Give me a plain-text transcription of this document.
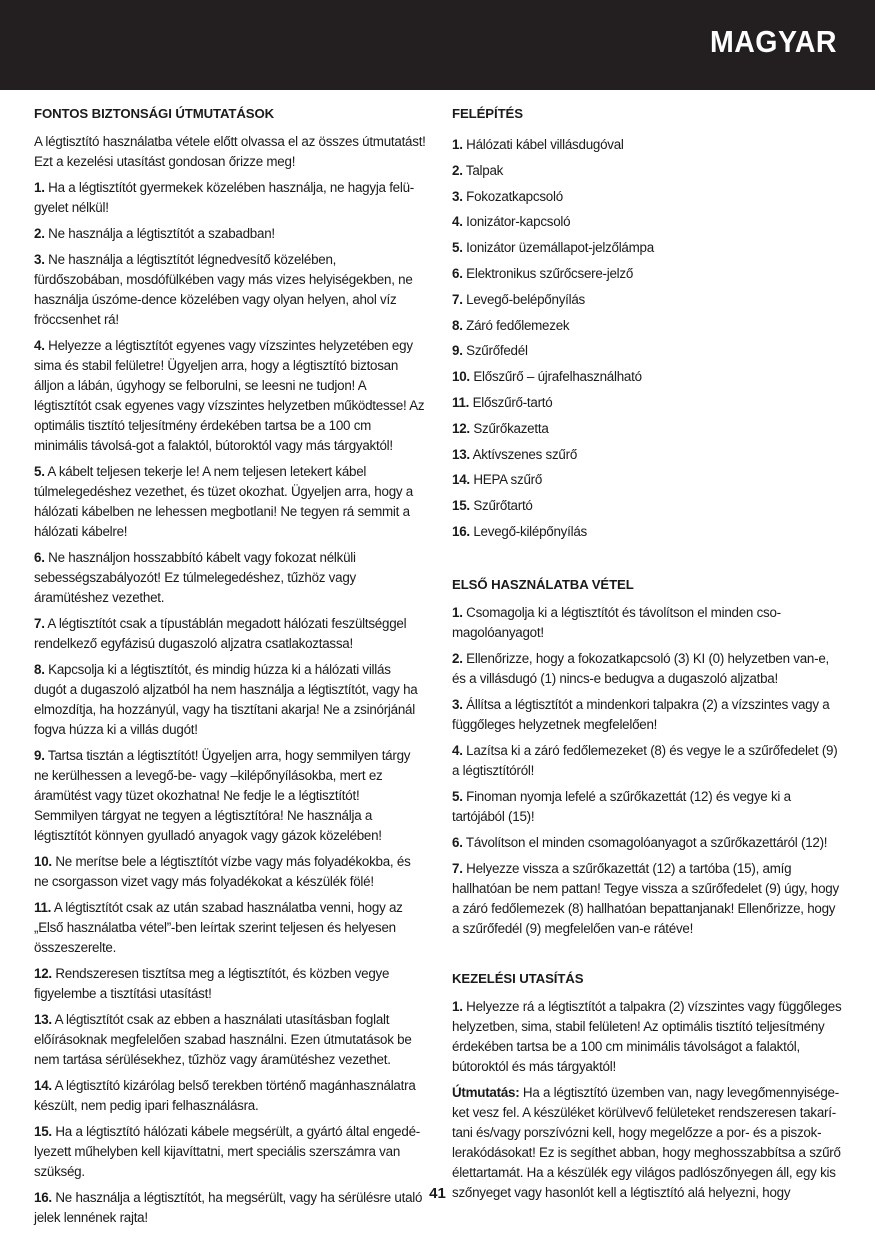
MAGYAR
FONTOS BIZTONSÁGI ÚTMUTATÁSOK
A légtisztító használatba vétele előtt olvassa el az összes útmutatást! Ezt a kezelési utasítást gondosan őrizze meg!
1. Ha a légtisztítót gyermekek közelében használja, ne hagyja felü-gyelet nélkül!
2. Ne használja a légtisztítót a szabadban!
3. Ne használja a légtisztítót légnedvesítő közelében, fürdőszobában, mosdófülkében vagy más vizes helyiségekben, ne használja úszóme-dence közelében vagy olyan helyen, ahol víz fröccsenhet rá!
4. Helyezze a légtisztítót egyenes vagy vízszintes helyzetében egy sima és stabil felületre! Ügyeljen arra, hogy a légtisztító biztosan álljon a lábán, úgyhogy se felborulni, se leesni ne tudjon! A légtisztítót csak egyenes vagy vízszintes helyzetben működtesse! Az optimális tisztító teljesítmény érdekében tartsa be a 100 cm minimális távolsá-got a falaktól, bútoroktól vagy más tárgyaktól!
5. A kábelt teljesen tekerje le! A nem teljesen letekert kábel túlmelegedéshez vezethet, és tüzet okozhat. Ügyeljen arra, hogy a hálózati kábelben ne lehessen megbotlani! Ne tegyen rá semmit a hálózati kábelre!
6. Ne használjon hosszabbító kábelt vagy fokozat nélküli sebességszabályozót! Ez túlmelegedéshez, tűzhöz vagy áramütéshez vezethet.
7. A légtisztítót csak a típustáblán megadott hálózati feszültséggel rendelkező egyfázisú dugaszoló aljzatra csatlakoztassa!
8. Kapcsolja ki a légtisztítót, és mindig húzza ki a hálózati villás dugót a dugaszoló aljzatból ha nem használja a légtisztítót, vagy ha elmozdítja, ha hozzányúl, vagy ha tisztítani akarja! Ne a zsinórjánál fogva húzza ki a villás dugót!
9. Tartsa tisztán a légtisztítót! Ügyeljen arra, hogy semmilyen tárgy ne kerülhessen a levegő-be- vagy –kilépőnyílásokba, mert ez áramütést vagy tüzet okozhatna! Ne fedje le a légtisztítót! Semmilyen tárgyat ne tegyen a légtisztítóra! Ne használja a légtisztítót könnyen gyulladó anyagok vagy gázok közelében!
10. Ne merítse bele a légtisztítót vízbe vagy más folyadékokba, és ne csorgasson vizet vagy más folyadékokat a készülék fölé!
11. A légtisztítót csak az után szabad használatba venni, hogy az „Első használatba vétel”-ben leírtak szerint teljesen és helyesen összeszerelte.
12. Rendszeresen tisztítsa meg a légtisztítót, és közben vegye figyelembe a tisztítási utasítást!
13. A légtisztítót csak az ebben a használati utasításban foglalt előírásoknak megfelelően szabad használni. Ezen útmutatások be nem tartása sérülésekhez, tűzhöz vagy áramütéshez vezethet.
14. A légtisztító kizárólag belső terekben történő magánhasználatra készült, nem pedig ipari felhasználásra.
15. Ha a légtisztító hálózati kábele megsérült, a gyártó által engedé-lyezett műhelyben kell kijavíttatni, mert speciális szerszámra van szükség.
16. Ne használja a légtisztítót, ha megsérült, vagy ha sérülésre utaló jelek lennének rajta!
FELÉPÍTÉS
1. Hálózati kábel villásdugóval
2. Talpak
3. Fokozatkapcsoló
4. Ionizátor-kapcsoló
5. Ionizátor üzemállapot-jelzőlámpa
6. Elektronikus szűrőcsere-jelző
7. Levegő-belépőnyílás
8. Záró fedőlemezek
9. Szűrőfedél
10. Előszűrő – újrafelhasználható
11. Előszűrő-tartó
12. Szűrőkazetta
13. Aktívszenes szűrő
14. HEPA szűrő
15. Szűrőtartó
16. Levegő-kilépőnyílás
ELSŐ HASZNÁLATBA VÉTEL
1. Csomagolja ki a légtisztítót és távolítson el minden cso-magolóanyagot!
2. Ellenőrizze, hogy a fokozatkapcsoló (3) KI (0) helyzetben van-e, és a villásdugó (1) nincs-e bedugva a dugaszoló aljzatba!
3. Állítsa a légtisztítót a mindenkori talpakra (2) a vízszintes vagy a függőleges helyzetnek megfelelően!
4. Lazítsa ki a záró fedőlemezeket (8) és vegye le a szűrőfedelet (9) a légtisztítóról!
5. Finoman nyomja lefelé a szűrőkazettát (12) és vegye ki a tartójából (15)!
6. Távolítson el minden csomagolóanyagot a szűrőkazettáról (12)!
7. Helyezze vissza a szűrőkazettát (12) a tartóba (15), amíg hallhatóan be nem pattan! Tegye vissza a szűrőfedelet (9) úgy, hogy a záró fedőlemezek (8) hallhatóan bepattanjanak! Ellenőrizze, hogy a szűrőfedél (9) megfelelően van-e rátéve!
KEZELÉSI UTASÍTÁS
1. Helyezze rá a légtisztítót a talpakra (2) vízszintes vagy függőleges helyzetben, sima, stabil felületen! Az optimális tisztító teljesítmény érdekében tartsa be a 100 cm minimális távolságot a falaktól, bútoroktól és más tárgyaktól!
Útmutatás: Ha a légtisztító üzemben van, nagy levegőmennyisége-ket vesz fel. A készüléket körülvevő felületeket rendszeresen takarí-tani és/vagy porszívózni kell, hogy megelőzze a por- és a piszok-lerakódásokat! Ez is segíthet abban, hogy meghosszabbítsa a szűrő élettartamát. Ha a készülék egy világos padlószőnyegen áll, egy kis szőnyeget vagy hasonlót kell a légtisztító alá helyezni, hogy
41
